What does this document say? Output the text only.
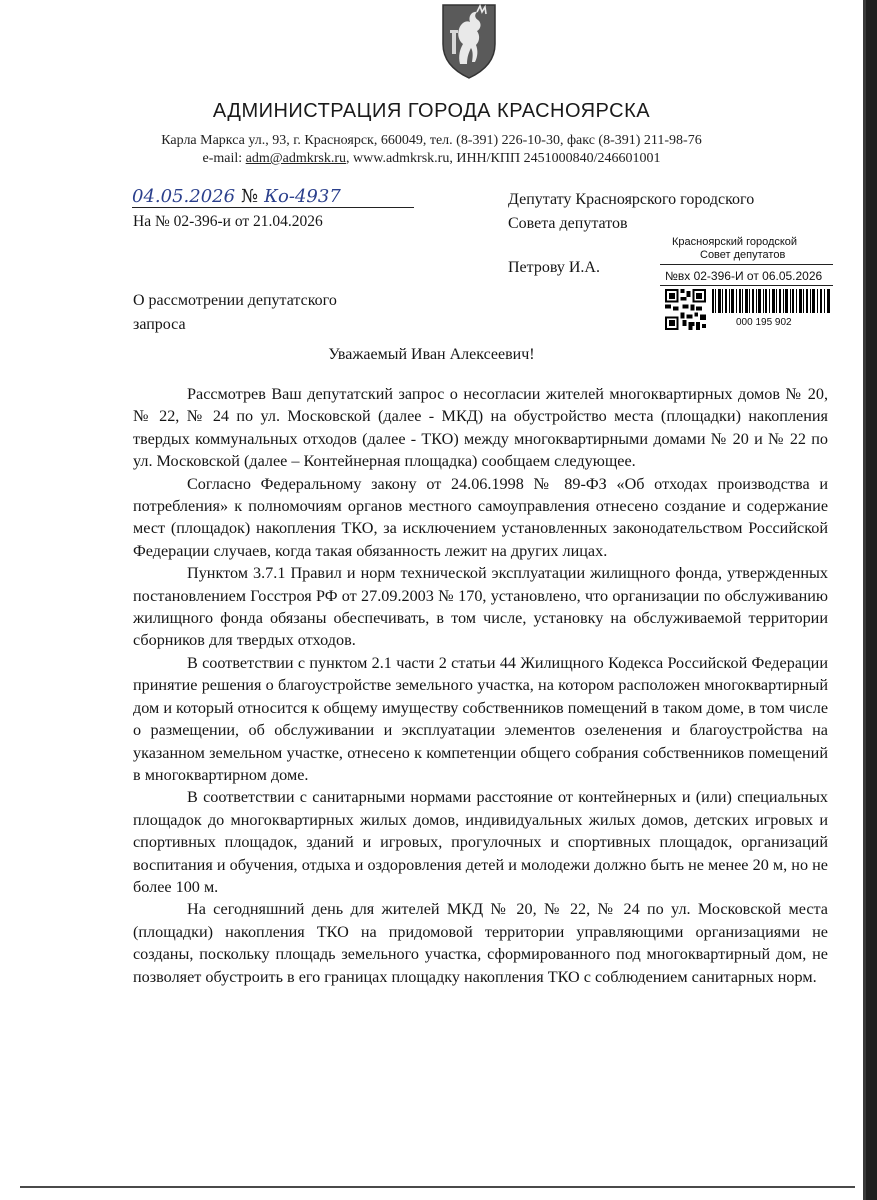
АДМИНИСТРАЦИЯ ГОРОДА КРАСНОЯРСКА
Карла Маркса ул., 93, г. Красноярск, 660049, тел. (8-391) 226-10-30, факс (8-391) 211-98-76
e-mail: adm@admkrsk.ru, www.admkrsk.ru, ИНН/КПП 2451000840/246601001
04.05.2026 № Ко-4937
На № 02-396-и от 21.04.2026
Депутату Красноярского городского
Совета депутатов
Петрову И.А.
Красноярский городской
Совет депутатов
№вх 02-396-И от 06.05.2026
000 195 902
О рассмотрении депутатского
запроса
Уважаемый Иван Алексеевич!

Рассмотрев Ваш депутатский запрос о несогласии жителей многоквартирных домов № 20, № 22, № 24 по ул. Московской (далее - МКД) на обустройство места (площадки) накопления твердых коммунальных отходов (далее - ТКО) между многоквартирными домами № 20 и № 22 по ул. Московской (далее – Контейнерная площадка) сообщаем следующее.

Согласно Федеральному закону от 24.06.1998 № 89-ФЗ «Об отходах производства и потребления» к полномочиям органов местного самоуправления отнесено создание и содержание мест (площадок) накопления ТКО, за исключением установленных законодательством Российской Федерации случаев, когда такая обязанность лежит на других лицах.

Пунктом 3.7.1 Правил и норм технической эксплуатации жилищного фонда, утвержденных постановлением Госстроя РФ от 27.09.2003 № 170, установлено, что организации по обслуживанию жилищного фонда обязаны обеспечивать, в том числе, установку на обслуживаемой территории сборников для твердых отходов.

В соответствии с пунктом 2.1 части 2 статьи 44 Жилищного Кодекса Российской Федерации принятие решения о благоустройстве земельного участка, на котором расположен многоквартирный дом и который относится к общему имуществу собственников помещений в таком доме, в том числе о размещении, об обслуживании и эксплуатации элементов озеленения и благоустройства на указанном земельном участке, отнесено к компетенции общего собрания собственников помещений в многоквартирном доме.

В соответствии с санитарными нормами расстояние от контейнерных и (или) специальных площадок до многоквартирных жилых домов, индивидуальных жилых домов, детских игровых и спортивных площадок, зданий и игровых, прогулочных и спортивных площадок, организаций воспитания и обучения, отдыха и оздоровления детей и молодежи должно быть не менее 20 м, но не более 100 м.

На сегодняшний день для жителей МКД № 20, № 22, № 24 по ул. Московской места (площадки) накопления ТКО на придомовой территории управляющими организациями не созданы, поскольку площадь земельного участка, сформированного под многоквартирный дом, не позволяет обустроить в его границах площадку накопления ТКО с соблюдением санитарных норм.
